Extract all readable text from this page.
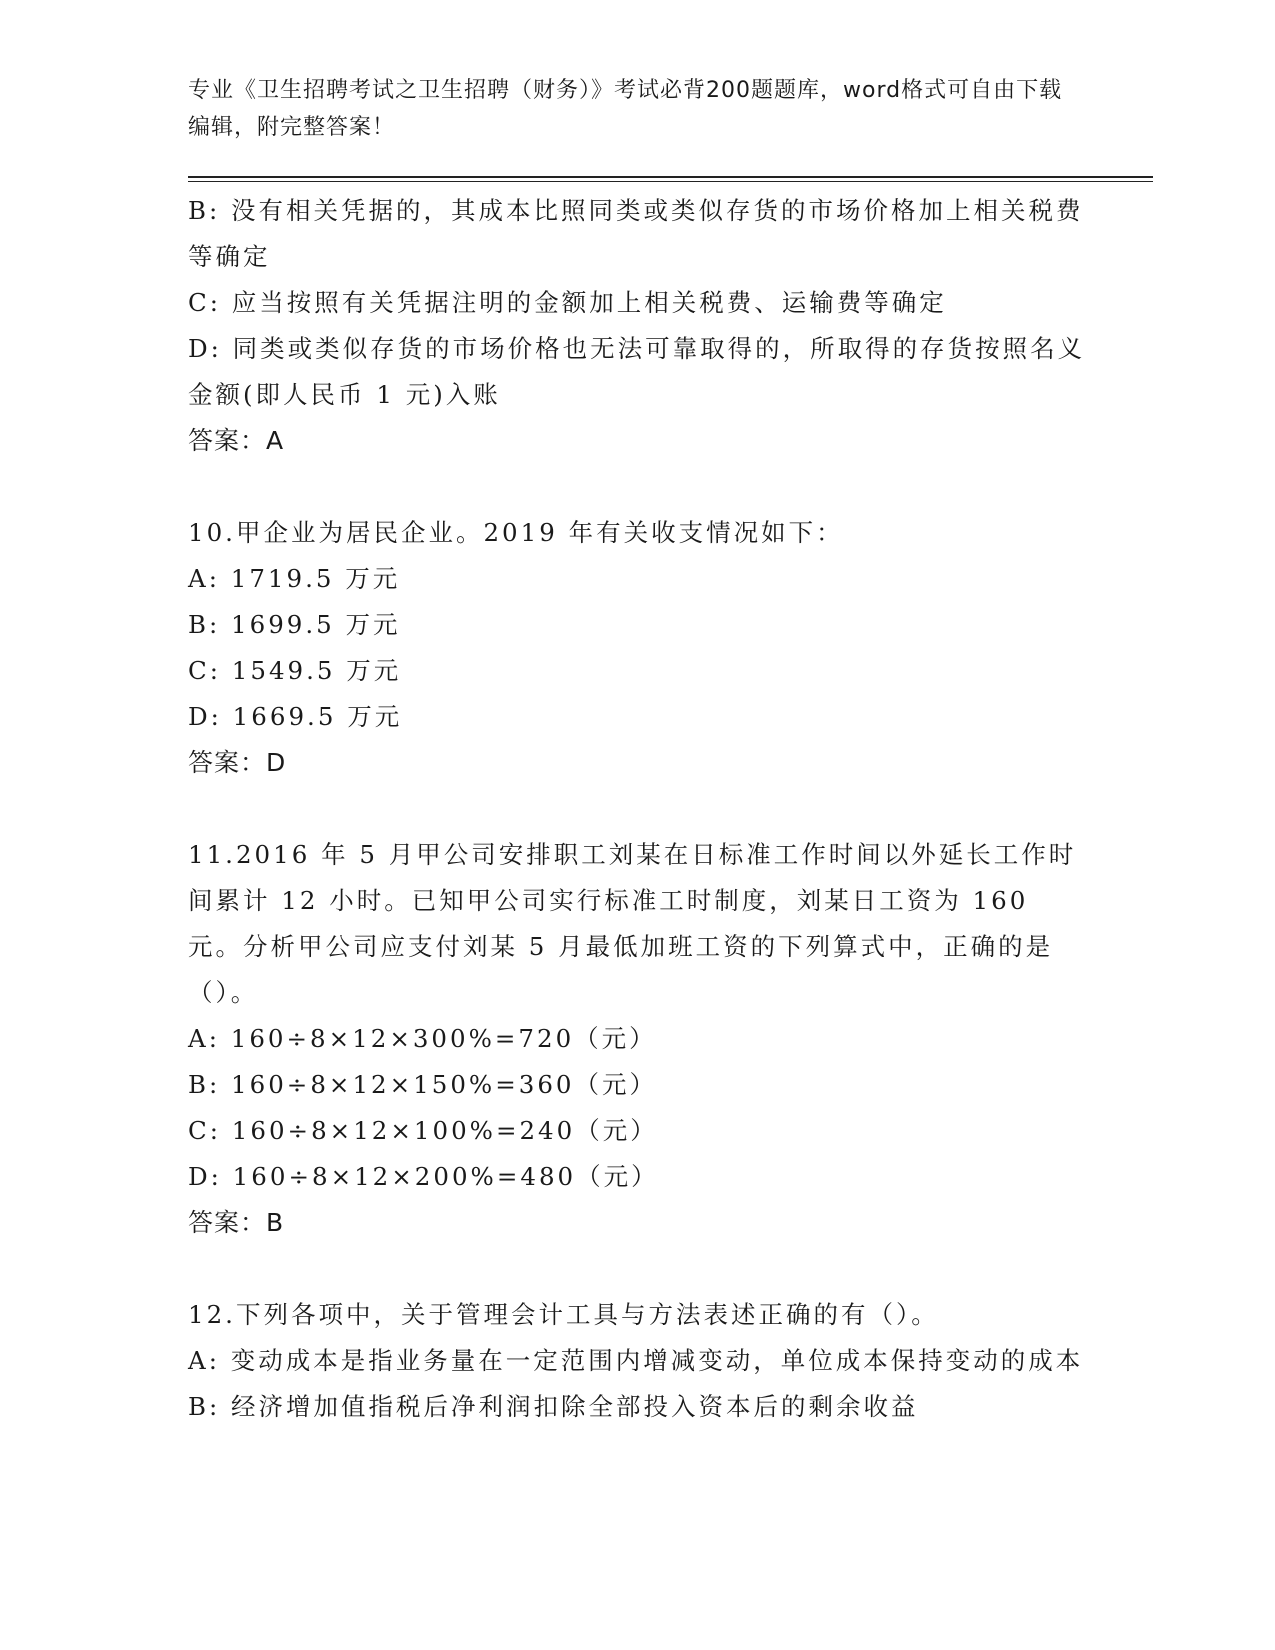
专业《卫生招聘考试之卫生招聘（财务）》考试必背200题题库，word格式可自由下载编辑，附完整答案！

B: 没有相关凭据的，其成本比照同类或类似存货的市场价格加上相关税费等确定

C: 应当按照有关凭据注明的金额加上相关税费、运输费等确定

D: 同类或类似存货的市场价格也无法可靠取得的，所取得的存货按照名义金额(即人民币 1 元)入账

答案：A

10.甲企业为居民企业。2019 年有关收支情况如下：

A: 1719.5 万元

B: 1699.5 万元

C: 1549.5 万元

D: 1669.5 万元

答案：D

11.2016 年 5 月甲公司安排职工刘某在日标准工作时间以外延长工作时间累计 12 小时。已知甲公司实行标准工时制度，刘某日工资为 160 元。分析甲公司应支付刘某 5 月最低加班工资的下列算式中，正确的是（）。

A: 160÷8×12×300%=720（元）

B: 160÷8×12×150%=360（元）

C: 160÷8×12×100%=240（元）

D: 160÷8×12×200%=480（元）

答案：B

12.下列各项中，关于管理会计工具与方法表述正确的有（）。

A: 变动成本是指业务量在一定范围内增减变动，单位成本保持变动的成本

B: 经济增加值指税后净利润扣除全部投入资本后的剩余收益
